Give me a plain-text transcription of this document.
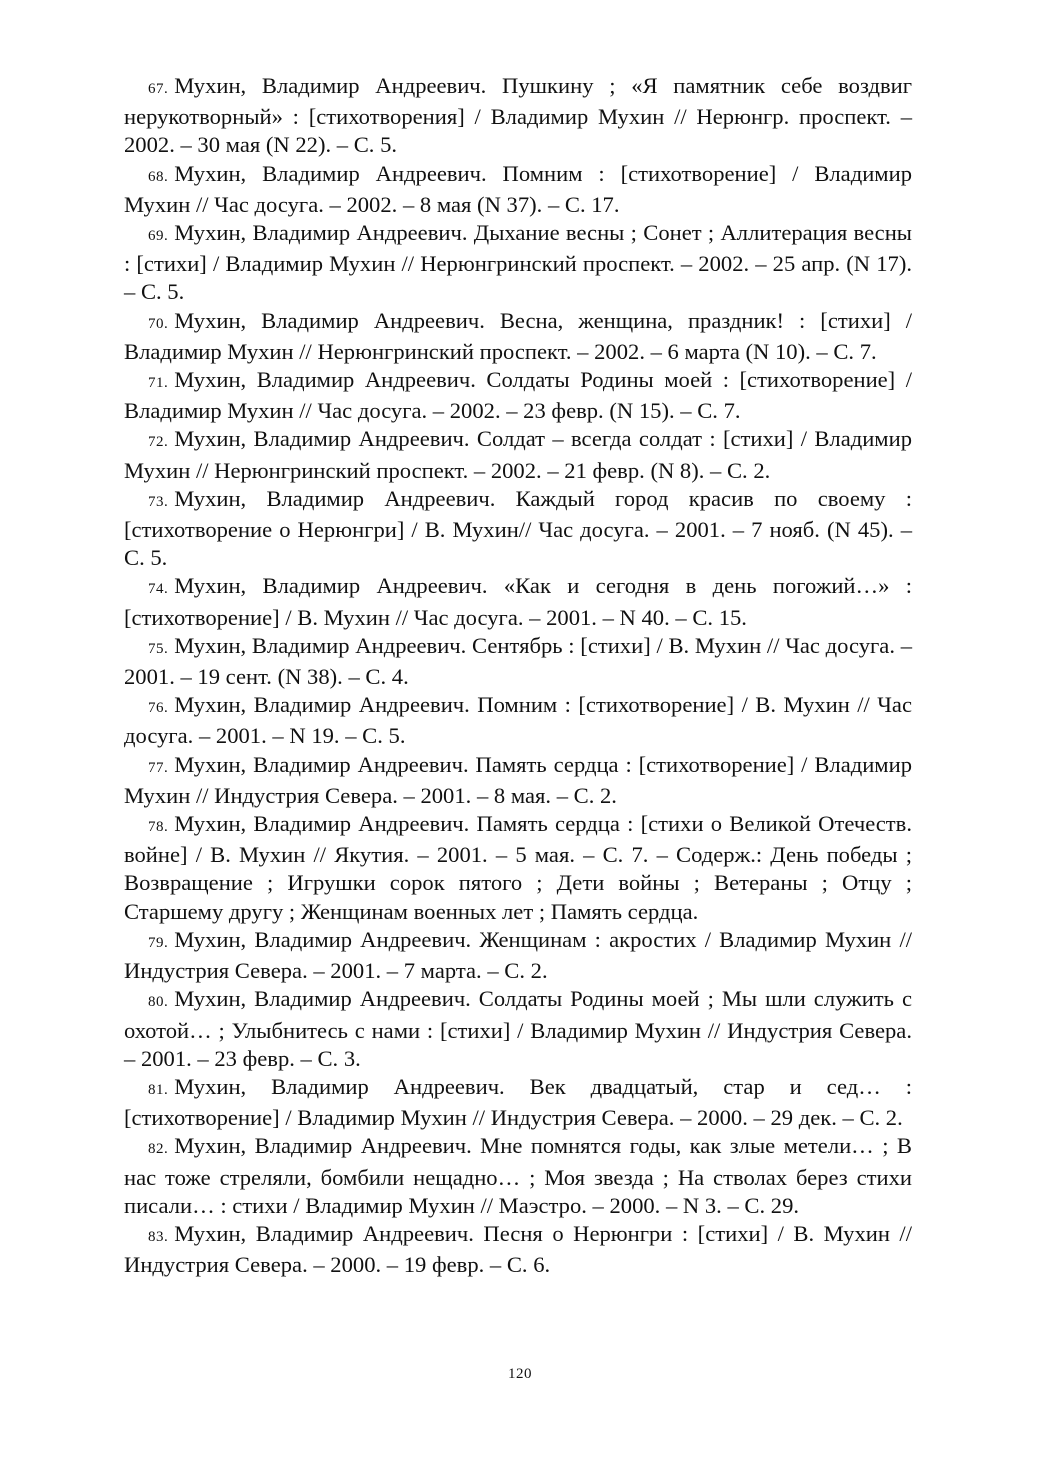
67. Мухин, Владимир Андреевич. Пушкину ; «Я памятник себе воздвиг нерукотворный» : [стихотворения] / Владимир Мухин // Нерюнгр. проспект. – 2002. – 30 мая (N 22). – С. 5.

68. Мухин, Владимир Андреевич. Помним : [стихотворение] / Владимир Мухин // Час досуга. – 2002. – 8 мая (N 37). – С. 17.

69. Мухин, Владимир Андреевич. Дыхание весны ; Сонет ; Аллитерация весны : [стихи] / Владимир Мухин // Нерюнгринский проспект. – 2002. – 25 апр. (N 17). – С. 5.

70. Мухин, Владимир Андреевич. Весна, женщина, праздник! : [стихи] / Владимир Мухин // Нерюнгринский проспект. – 2002. – 6 марта (N 10). – С. 7.

71. Мухин, Владимир Андреевич. Солдаты Родины моей : [стихотворение] / Владимир Мухин // Час досуга. – 2002. – 23 февр. (N 15). – С. 7.

72. Мухин, Владимир Андреевич. Солдат – всегда солдат : [стихи] / Владимир Мухин // Нерюнгринский проспект. – 2002. – 21 февр. (N 8). – С. 2.

73. Мухин, Владимир Андреевич. Каждый город красив по своему : [стихотворение о Нерюнгри] / В. Мухин// Час досуга. – 2001. – 7 нояб. (N 45). – С. 5.

74. Мухин, Владимир Андреевич. «Как и сегодня в день погожий…» : [стихотворение] / В. Мухин // Час досуга. – 2001. – N 40. – С. 15.

75. Мухин, Владимир Андреевич. Сентябрь : [стихи] / В. Мухин // Час досуга. – 2001. – 19 сент. (N 38). – С. 4.

76. Мухин, Владимир Андреевич. Помним : [стихотворение] / В. Мухин // Час досуга. – 2001. – N 19. – С. 5.

77. Мухин, Владимир Андреевич. Память сердца : [стихотворение] / Владимир Мухин // Индустрия Севера. – 2001. – 8 мая. – С. 2.

78. Мухин, Владимир Андреевич. Память сердца : [стихи о Великой Отечеств. войне] / В. Мухин // Якутия. – 2001. – 5 мая. – С. 7. – Содерж.: День победы ; Возвращение ; Игрушки сорок пятого ; Дети войны ; Ветераны ; Отцу ; Старшему другу ; Женщинам военных лет ; Память сердца.

79. Мухин, Владимир Андреевич. Женщинам : акростих / Владимир Мухин // Индустрия Севера. – 2001. – 7 марта. – С. 2.

80. Мухин, Владимир Андреевич. Солдаты Родины моей ; Мы шли служить с охотой… ; Улыбнитесь с нами : [стихи] / Владимир Мухин // Индустрия Севера. – 2001. – 23 февр. – С. 3.

81. Мухин, Владимир Андреевич. Век двадцатый, стар и сед… : [стихотворение] / Владимир Мухин // Индустрия Севера. – 2000. – 29 дек. – С. 2.

82. Мухин, Владимир Андреевич. Мне помнятся годы, как злые метели… ; В нас тоже стреляли, бомбили нещадно… ; Моя звезда ; На стволах берез стихи писали… : стихи / Владимир Мухин // Маэстро. – 2000. – N 3. – С. 29.

83. Мухин, Владимир Андреевич. Песня о Нерюнгри : [стихи] / В. Мухин // Индустрия Севера. – 2000. – 19 февр. – С. 6.

120
